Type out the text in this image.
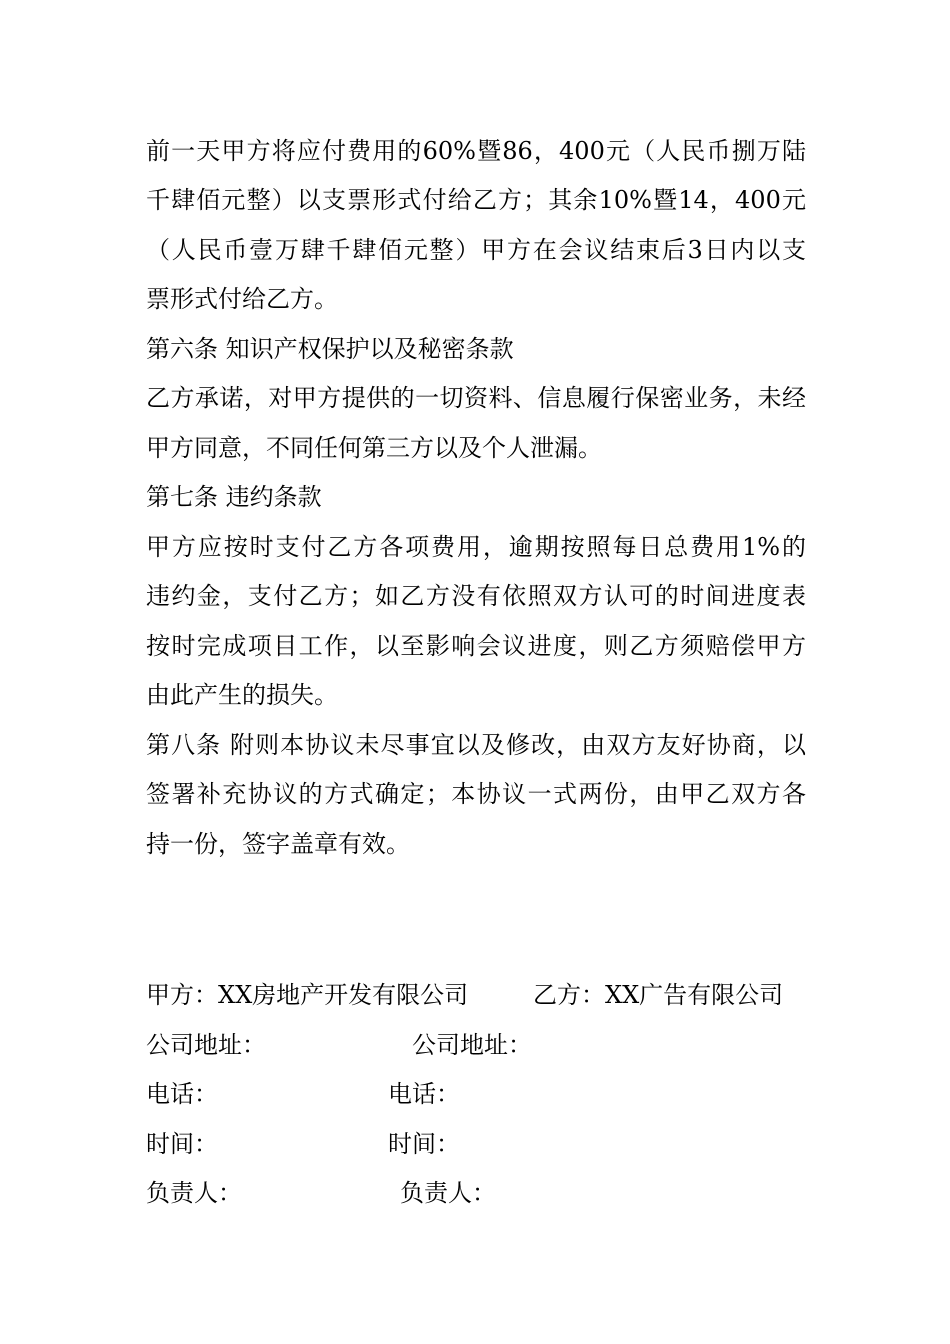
前一天甲方将应付费用的60%暨86，400元（人民币捌万陆
千肆佰元整）以支票形式付给乙方；其余10%暨14，400元
（人民币壹万肆千肆佰元整）甲方在会议结束后3日内以支
票形式付给乙方。
第六条 知识产权保护以及秘密条款
乙方承诺，对甲方提供的一切资料、信息履行保密业务，未经
甲方同意，不同任何第三方以及个人泄漏。
第七条 违约条款
甲方应按时支付乙方各项费用，逾期按照每日总费用1%的
违约金，支付乙方；如乙方没有依照双方认可的时间进度表
按时完成项目工作，以至影响会议进度，则乙方须赔偿甲方
由此产生的损失。
第八条 附则本协议未尽事宜以及修改，由双方友好协商，以
签署补充协议的方式确定；本协议一式两份，由甲乙双方各
持一份，签字盖章有效。
甲方：XX房地产开发有限公司	乙方：XX广告有限公司
公司地址：	公司地址：
电话：	电话：
时间：	时间：
负责人：	负责人：
